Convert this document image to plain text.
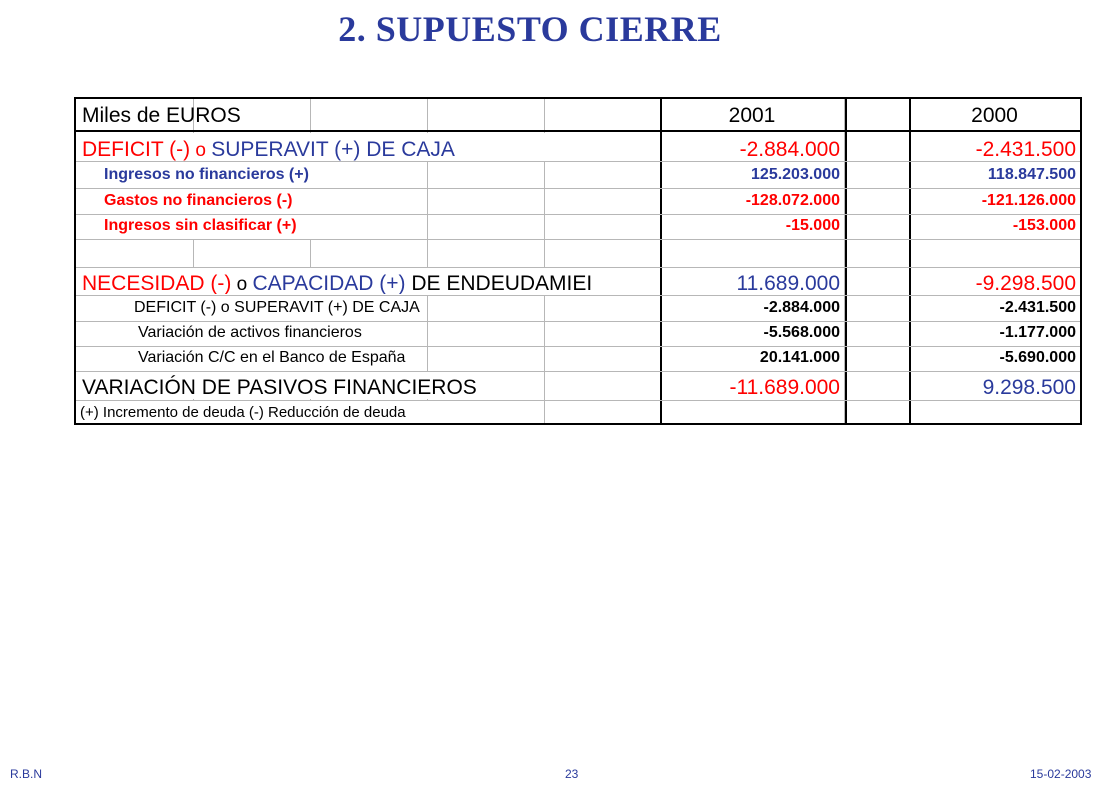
2. SUPUESTO CIERRE
Miles de EUROS	2001	2000
DEFICIT (-) o SUPERAVIT (+) DE CAJA	-2.884.000	-2.431.500
Ingresos no financieros (+)	125.203.000	118.847.500
Gastos no financieros (-)	-128.072.000	-121.126.000
Ingresos sin clasificar (+)	-15.000	-153.000
NECESIDAD (-) o CAPACIDAD (+) DE ENDEUDAMIEI	11.689.000	-9.298.500
DEFICIT (-) o SUPERAVIT (+) DE CAJA	-2.884.000	-2.431.500
Variación de activos financieros	-5.568.000	-1.177.000
Variación C/C en el Banco de España	20.141.000	-5.690.000
VARIACIÓN DE PASIVOS FINANCIEROS	-11.689.000	9.298.500
(+) Incremento de deuda (-) Reducción de deuda
R.B.N	23	15-02-2003
